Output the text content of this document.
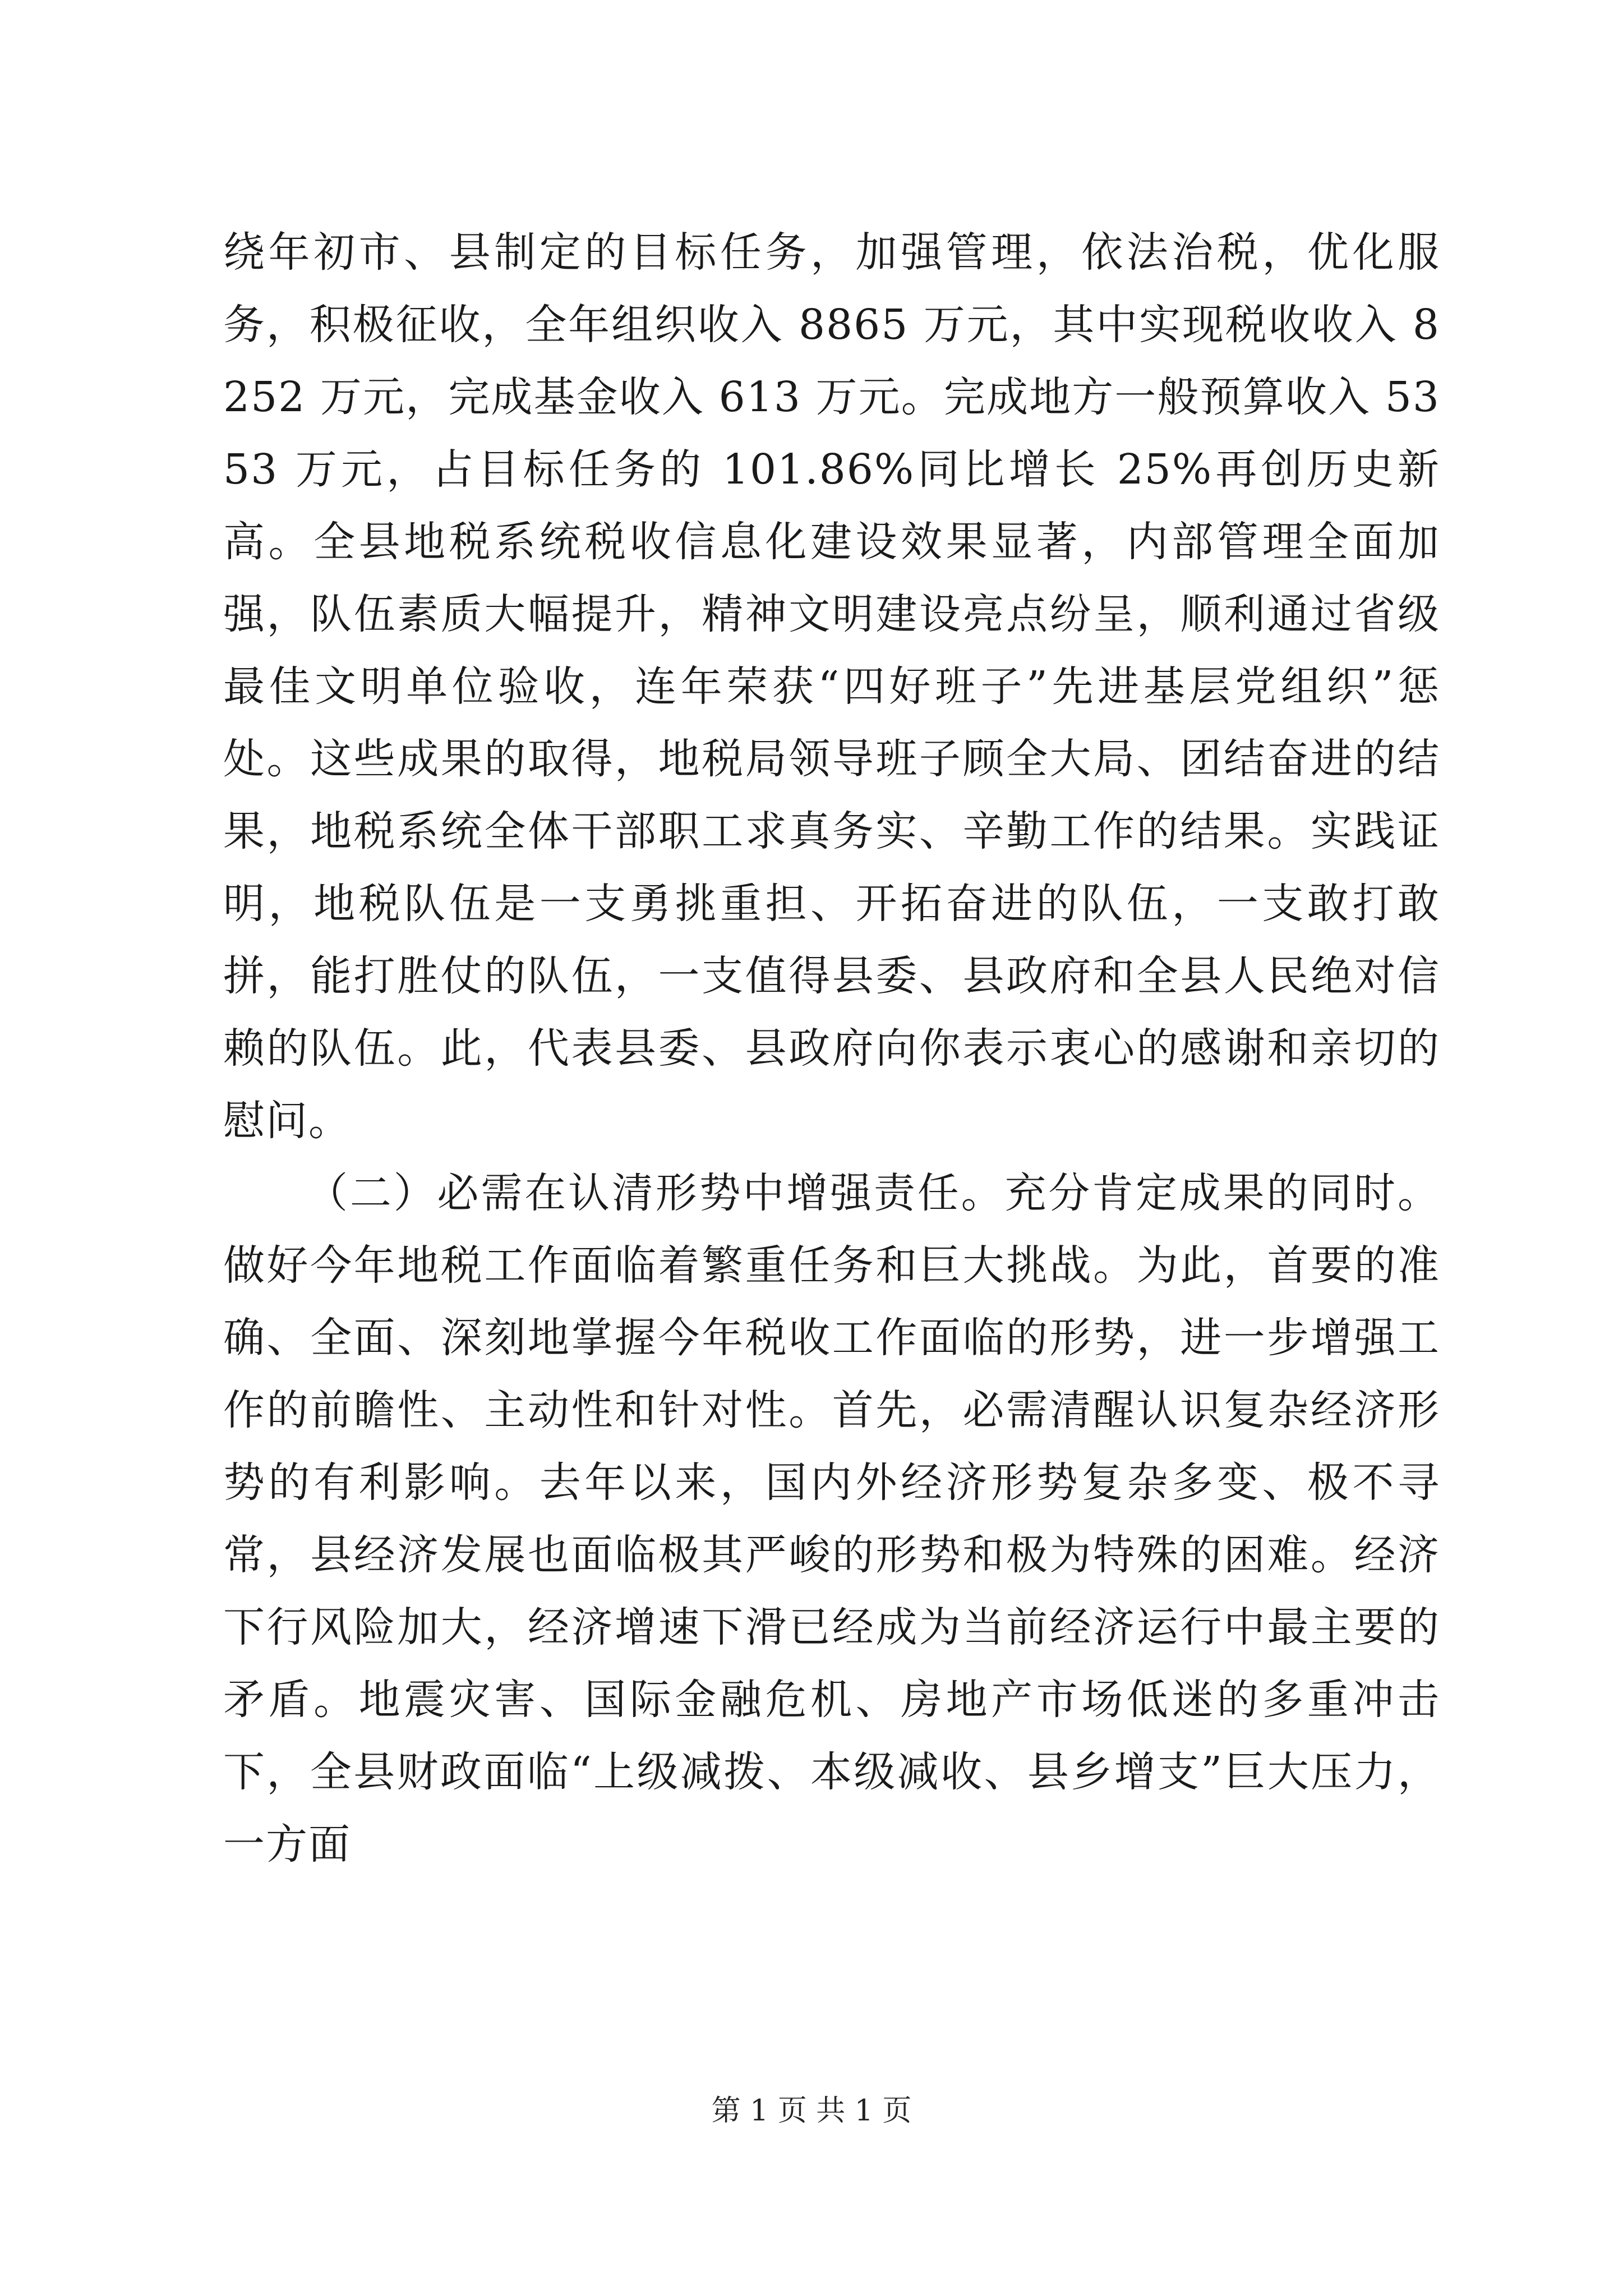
绕年初市、县制定的目标任务，加强管理，依法治税，优化服务，积极征收，全年组织收入 8865 万元，其中实现税收收入 8252 万元，完成基金收入 613 万元。完成地方一般预算收入 5353 万元，占目标任务的 101.86%同比增长 25%再创历史新高。全县地税系统税收信息化建设效果显著，内部管理全面加强，队伍素质大幅提升，精神文明建设亮点纷呈，顺利通过省级最佳文明单位验收，连年荣获“四好班子”先进基层党组织”惩处。这些成果的取得，地税局领导班子顾全大局、团结奋进的结果，地税系统全体干部职工求真务实、辛勤工作的结果。实践证明，地税队伍是一支勇挑重担、开拓奋进的队伍，一支敢打敢拼，能打胜仗的队伍，一支值得县委、县政府和全县人民绝对信赖的队伍。此，代表县委、县政府向你表示衷心的感谢和亲切的慰问。

（二）必需在认清形势中增强责任。充分肯定成果的同时。做好今年地税工作面临着繁重任务和巨大挑战。为此，首要的准确、全面、深刻地掌握今年税收工作面临的形势，进一步增强工作的前瞻性、主动性和针对性。首先，必需清醒认识复杂经济形势的有利影响。去年以来，国内外经济形势复杂多变、极不寻常，县经济发展也面临极其严峻的形势和极为特殊的困难。经济下行风险加大，经济增速下滑已经成为当前经济运行中最主要的矛盾。地震灾害、国际金融危机、房地产市场低迷的多重冲击下，全县财政面临“上级减拨、本级减收、县乡增支”巨大压力，一方面

第 1 页 共 1 页
